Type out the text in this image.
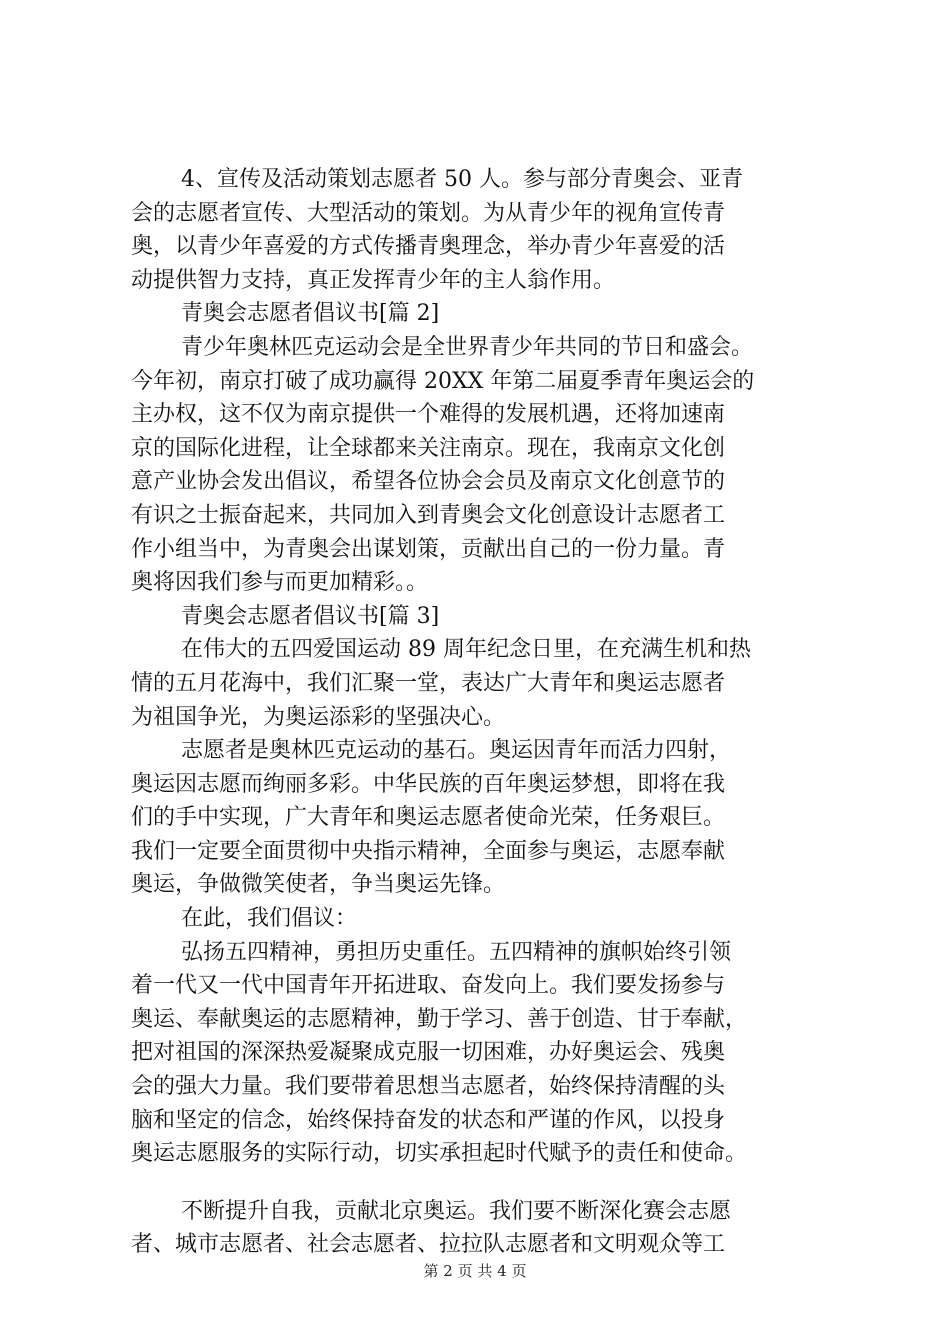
4、宣传及活动策划志愿者 50 人。参与部分青奥会、亚青
会的志愿者宣传、大型活动的策划。为从青少年的视角宣传青
奥，以青少年喜爱的方式传播青奥理念，举办青少年喜爱的活
动提供智力支持，真正发挥青少年的主人翁作用。
青奥会志愿者倡议书[篇 2]
青少年奥林匹克运动会是全世界青少年共同的节日和盛会。
今年初，南京打破了成功赢得 20XX 年第二届夏季青年奥运会的
主办权，这不仅为南京提供一个难得的发展机遇，还将加速南
京的国际化进程，让全球都来关注南京。现在，我南京文化创
意产业协会发出倡议，希望各位协会会员及南京文化创意节的
有识之士振奋起来，共同加入到青奥会文化创意设计志愿者工
作小组当中，为青奥会出谋划策，贡献出自己的一份力量。青
奥将因我们参与而更加精彩。。
青奥会志愿者倡议书[篇 3]
在伟大的五四爱国运动 89 周年纪念日里，在充满生机和热
情的五月花海中，我们汇聚一堂，表达广大青年和奥运志愿者
为祖国争光，为奥运添彩的坚强决心。
志愿者是奥林匹克运动的基石。奥运因青年而活力四射，
奥运因志愿而绚丽多彩。中华民族的百年奥运梦想，即将在我
们的手中实现，广大青年和奥运志愿者使命光荣，任务艰巨。
我们一定要全面贯彻中央指示精神，全面参与奥运，志愿奉献
奥运，争做微笑使者，争当奥运先锋。
在此，我们倡议：
弘扬五四精神，勇担历史重任。五四精神的旗帜始终引领
着一代又一代中国青年开拓进取、奋发向上。我们要发扬参与
奥运、奉献奥运的志愿精神，勤于学习、善于创造、甘于奉献，
把对祖国的深深热爱凝聚成克服一切困难，办好奥运会、残奥
会的强大力量。我们要带着思想当志愿者，始终保持清醒的头
脑和坚定的信念，始终保持奋发的状态和严谨的作风，以投身
奥运志愿服务的实际行动，切实承担起时代赋予的责任和使命。
不断提升自我，贡献北京奥运。我们要不断深化赛会志愿
者、城市志愿者、社会志愿者、拉拉队志愿者和文明观众等工
第 2 页 共 4 页
